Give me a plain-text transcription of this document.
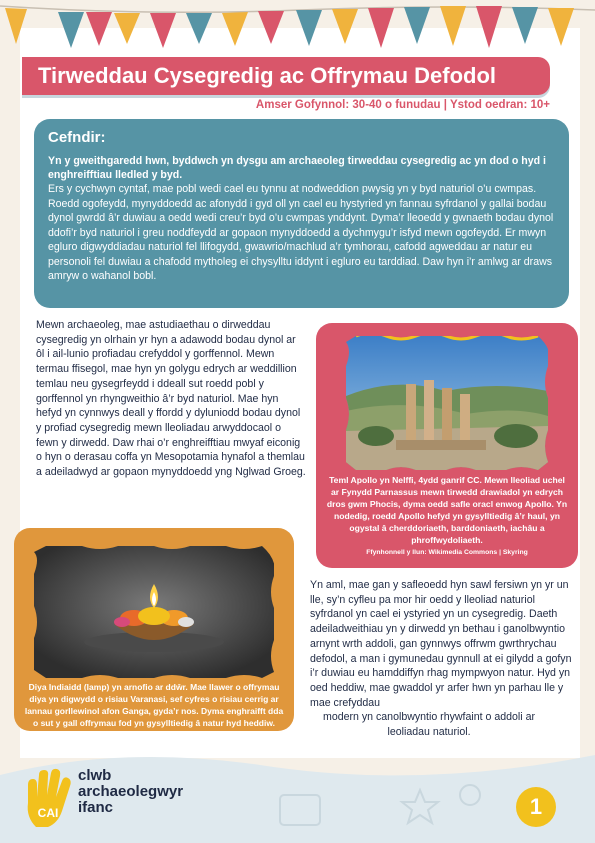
Tirweddau Cysegredig ac Offrymau Defodol
Amser Gofynnol: 30-40 o funudau | Ystod oedran: 10+
Cefndir:
Yn y gweithgaredd hwn, byddwch yn dysgu am archaeoleg tirweddau cysegredig ac yn dod o hyd i enghreifftiau lledled y byd.
Ers y cychwyn cyntaf, mae pobl wedi cael eu tynnu at nodweddion pwysig yn y byd naturiol o’u cwmpas. Roedd ogofeydd, mynyddoedd ac afonydd i gyd oll yn cael eu hystyried yn fannau syfrdanol y gallai bodau dynol gwrdd â’r duwiau a oedd wedi creu’r byd o’u cwmpas ynddynt. Dyma’r lleoedd y gwnaeth bodau dynol ddofi’r byd naturiol i greu noddfeydd ar gopaon mynyddoedd a dychmygu’r isfyd mewn ogofeydd. Er mwyn egluro digwyddiadau naturiol fel llifogydd, gwawrio/machlud a’r tymhorau, cafodd agweddau ar natur eu personoli fel duwiau a chafodd mytholeg ei chysylltu iddynt i egluro eu tarddiad. Daw hyn i’r amlwg ar draws amryw o wahanol bobl.
Mewn archaeoleg, mae astudiaethau o dirweddau cysegredig yn olrhain yr hyn a adawodd bodau dynol ar ôl i ail-lunio profiadau crefyddol y gorffennol. Mewn termau ffisegol, mae hyn yn golygu edrych ar weddillion temlau neu gysegrfeydd i ddeall sut roedd pobl y gorffennol yn rhyngweithio â’r byd naturiol. Mae hyn hefyd yn cynnwys deall y ffordd y dyluniodd bodau dynol y profiad cysegredig mewn lleoliadau arwyddocaol o fewn y dirwedd. Daw rhai o’r enghreifftiau mwyaf eiconig o hyn o derasau coffa yn Mesopotamia hynafol a themlau a adeiladwyd ar gopaon mynyddoedd yng Nglwad Groeg.
Teml Apollo yn Nelffi, 4ydd ganrif CC. Mewn lleoliad uchel ar Fynydd Parnassus mewn tirwedd drawiadol yn edrych dros gwm Phocis, dyma oedd safle oracl enwog Apollo. Yn nodedig, roedd Apollo hefyd yn gysylltiedig â’r haul, yn ogystal â cherddoriaeth, barddoniaeth, iachâu a phroffwydoliaeth.
Ffynhonnell y llun: Wikimedia Commons | Skyring
Diya Indiaidd (lamp) yn arnofio ar ddŵr. Mae llawer o offrymau diya yn digwydd o risiau Varanasi, sef cyfres o risiau cerrig ar lannau gorllewinol afon Ganga, gyda’r nos. Dyma enghraifft dda o sut y gall offrymau fod yn gysylltiedig â natur hyd heddiw.

Yn aml, mae gan y safleoedd hyn sawl fersiwn yn yr un lle, sy’n cyfleu pa mor hir oedd y lleoliad naturiol syfrdanol yn cael ei ystyried yn un cysegredig. Daeth adeiladweithiau yn y dirwedd yn bethau i ganolbwyntio arnynt wrth addoli, gan gynnwys offrwm gwrthrychau defodol, a man i gymunedau gynnull at ei gilydd a gofyn i’r duwiau eu hamddiffyn rhag mympwyon natur. Hyd yn oed heddiw, mae gwaddol yr arfer hwn yn parhau lle y mae crefyddau

modern yn canolbwyntio rhywfaint o addoli ar leoliadau naturiol.

CAI
clwb
archaeolegwyr
ifanc	1
